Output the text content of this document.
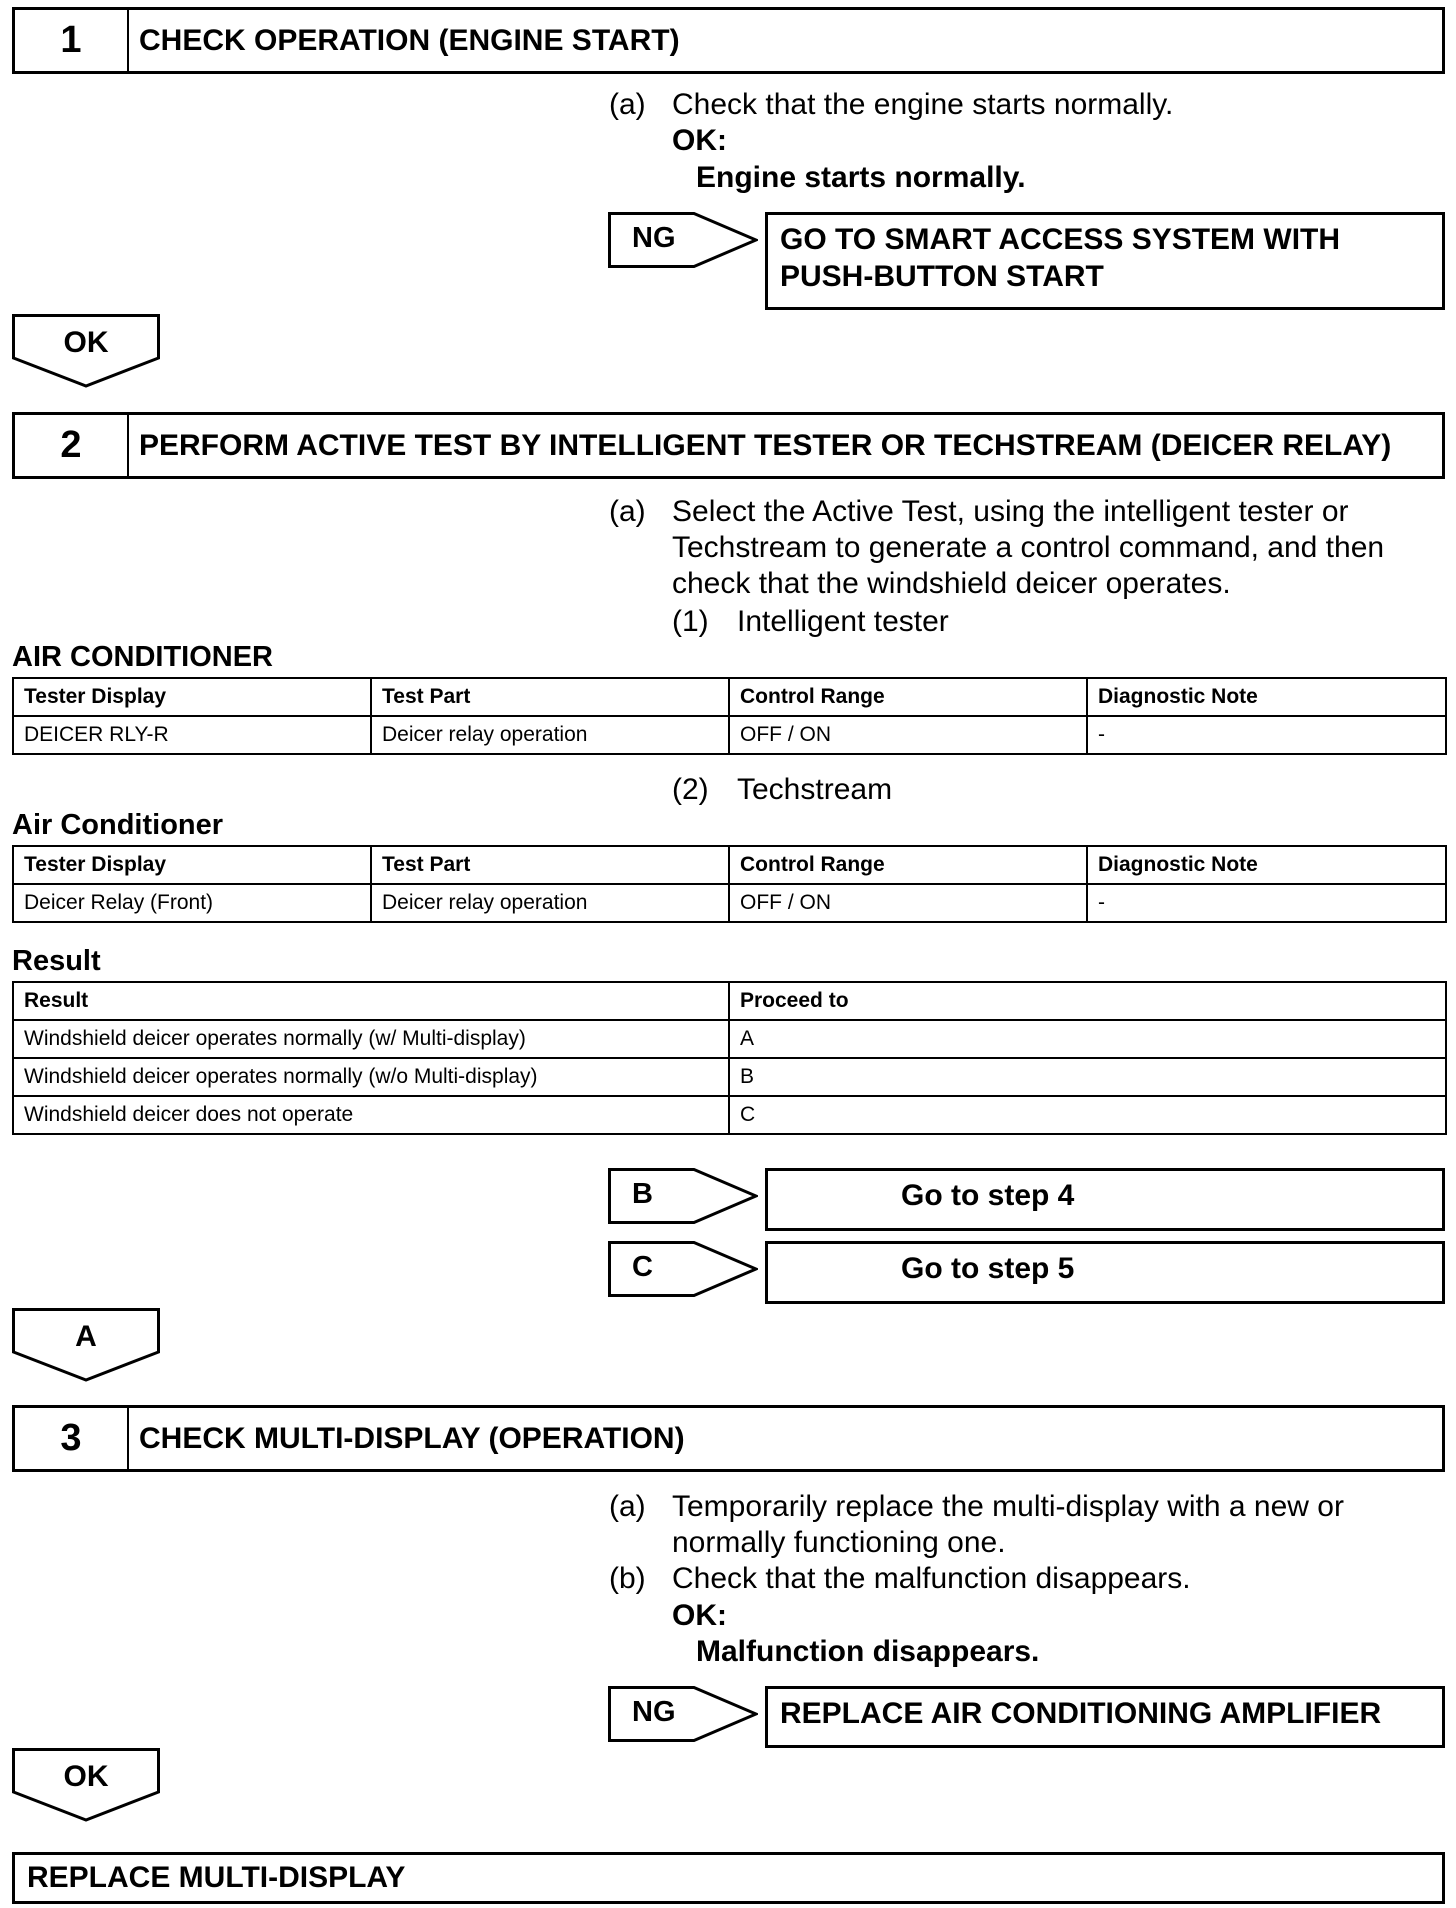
1	CHECK OPERATION (ENGINE START)
(a) Check that the engine starts normally.
OK:
Engine starts normally.
NG	GO TO SMART ACCESS SYSTEM WITH
PUSH-BUTTON START
OK
2	PERFORM ACTIVE TEST BY INTELLIGENT TESTER OR TECHSTREAM (DEICER RELAY)
(a) Select the Active Test, using the intelligent tester or
Techstream to generate a control command, and then
check that the windshield deicer operates.
(1) Intelligent tester
AIR CONDITIONER
Tester Display	Test Part	Control Range	Diagnostic Note
DEICER RLY-R	Deicer relay operation	OFF / ON	-
(2) Techstream
Air Conditioner
Tester Display	Test Part	Control Range	Diagnostic Note
Deicer Relay (Front)	Deicer relay operation	OFF / ON	-
Result
Result	Proceed to
Windshield deicer operates normally (w/ Multi-display)	A
Windshield deicer operates normally (w/o Multi-display)	B
Windshield deicer does not operate	C
B	Go to step 4
C	Go to step 5
A
3	CHECK MULTI-DISPLAY (OPERATION)
(a) Temporarily replace the multi-display with a new or
normally functioning one.
(b) Check that the malfunction disappears.
OK:
Malfunction disappears.
NG	REPLACE AIR CONDITIONING AMPLIFIER
OK
REPLACE MULTI-DISPLAY
